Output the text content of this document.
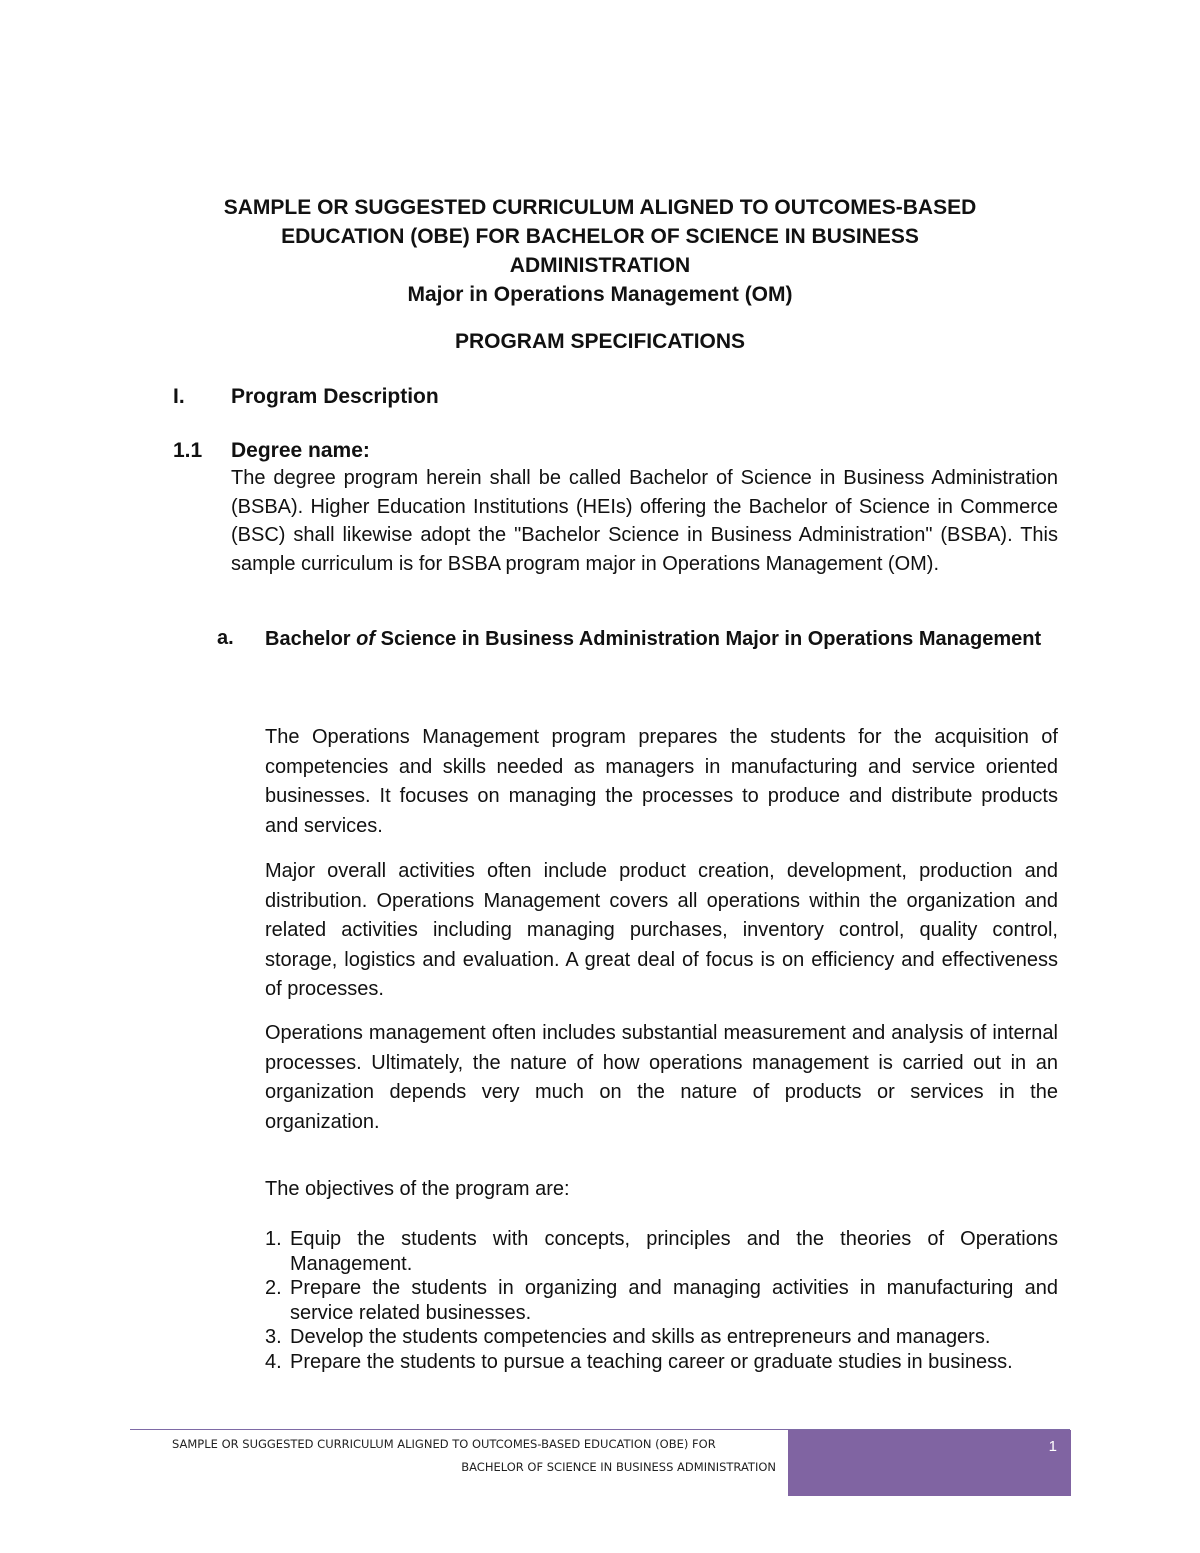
SAMPLE OR SUGGESTED CURRICULUM ALIGNED TO OUTCOMES-BASED
EDUCATION (OBE) FOR BACHELOR OF SCIENCE IN BUSINESS
ADMINISTRATION
Major in Operations Management (OM)
PROGRAM SPECIFICATIONS
I. Program Description
1.1 Degree name:

The degree program herein shall be called Bachelor of Science in Business Administration (BSBA). Higher Education Institutions (HEIs) offering the Bachelor of Science in Commerce (BSC) shall likewise adopt the "Bachelor Science in Business Administration" (BSBA). This sample curriculum is for BSBA program major in Operations Management (OM).

a. Bachelor of Science in Business Administration Major in Operations Management

The Operations Management program prepares the students for the acquisition of competencies and skills needed as managers in manufacturing and service oriented businesses. It focuses on managing the processes to produce and distribute products and services.

Major overall activities often include product creation, development, production and distribution. Operations Management covers all operations within the organization and related activities including managing purchases, inventory control, quality control, storage, logistics and evaluation. A great deal of focus is on efficiency and effectiveness of processes.

Operations management often includes substantial measurement and analysis of internal processes. Ultimately, the nature of how operations management is carried out in an organization depends very much on the nature of products or services in the organization.

The objectives of the program are:

1. Equip the students with concepts, principles and the theories of Operations Management.
2. Prepare the students in organizing and managing activities in manufacturing and service related businesses.
3. Develop the students competencies and skills as entrepreneurs and managers.
4. Prepare the students to pursue a teaching career or graduate studies in business.
SAMPLE OR SUGGESTED CURRICULUM ALIGNED TO OUTCOMES-BASED EDUCATION (OBE) FOR
BACHELOR OF SCIENCE IN BUSINESS ADMINISTRATION
1
